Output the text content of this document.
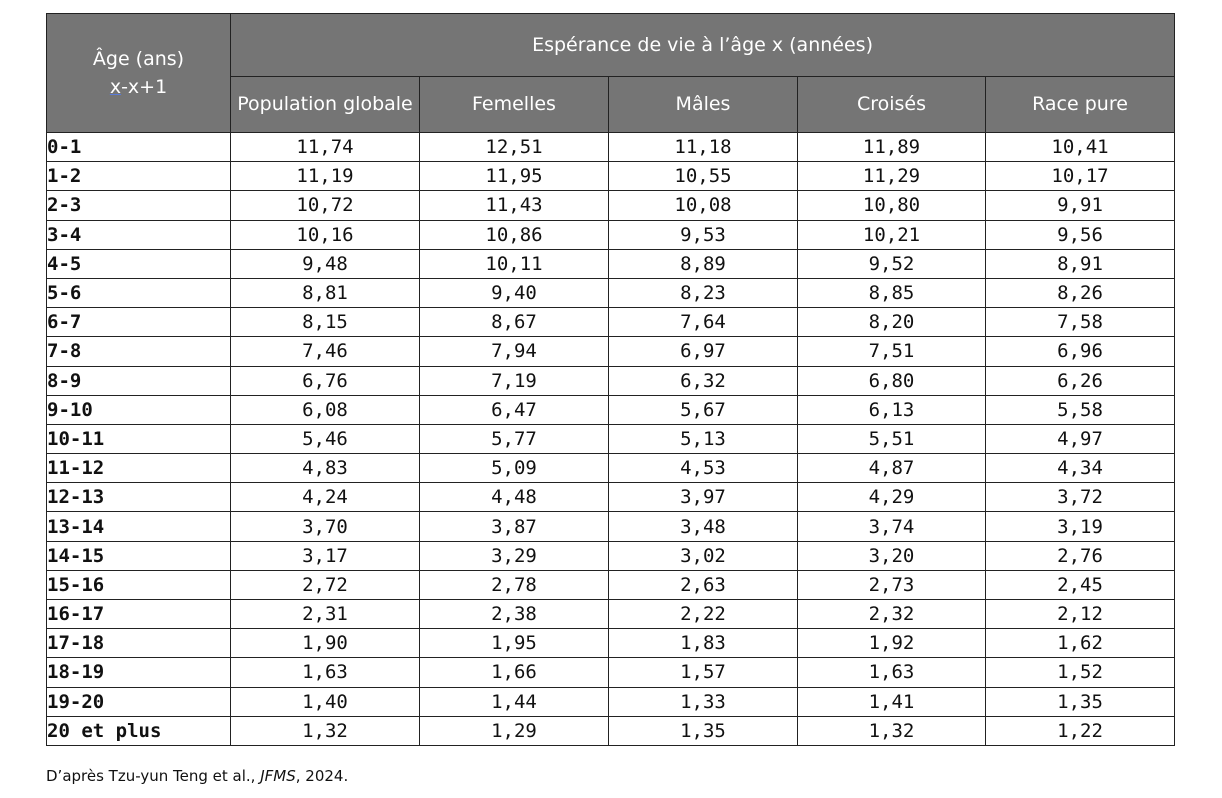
Âge (ans)
x-x+1	Espérance de vie à l’âge x (années)				
	Population globale	Femelles	Mâles	Croisés	Race pure
0-1	11,74	12,51	11,18	11,89	10,41
1-2	11,19	11,95	10,55	11,29	10,17
2-3	10,72	11,43	10,08	10,80	9,91
3-4	10,16	10,86	9,53	10,21	9,56
4-5	9,48	10,11	8,89	9,52	8,91
5-6	8,81	9,40	8,23	8,85	8,26
6-7	8,15	8,67	7,64	8,20	7,58
7-8	7,46	7,94	6,97	7,51	6,96
8-9	6,76	7,19	6,32	6,80	6,26
9-10	6,08	6,47	5,67	6,13	5,58
10-11	5,46	5,77	5,13	5,51	4,97
11-12	4,83	5,09	4,53	4,87	4,34
12-13	4,24	4,48	3,97	4,29	3,72
13-14	3,70	3,87	3,48	3,74	3,19
14-15	3,17	3,29	3,02	3,20	2,76
15-16	2,72	2,78	2,63	2,73	2,45
16-17	2,31	2,38	2,22	2,32	2,12
17-18	1,90	1,95	1,83	1,92	1,62
18-19	1,63	1,66	1,57	1,63	1,52
19-20	1,40	1,44	1,33	1,41	1,35
20 et plus	1,32	1,29	1,35	1,32	1,22
D’après Tzu-yun Teng et al., JFMS, 2024.
